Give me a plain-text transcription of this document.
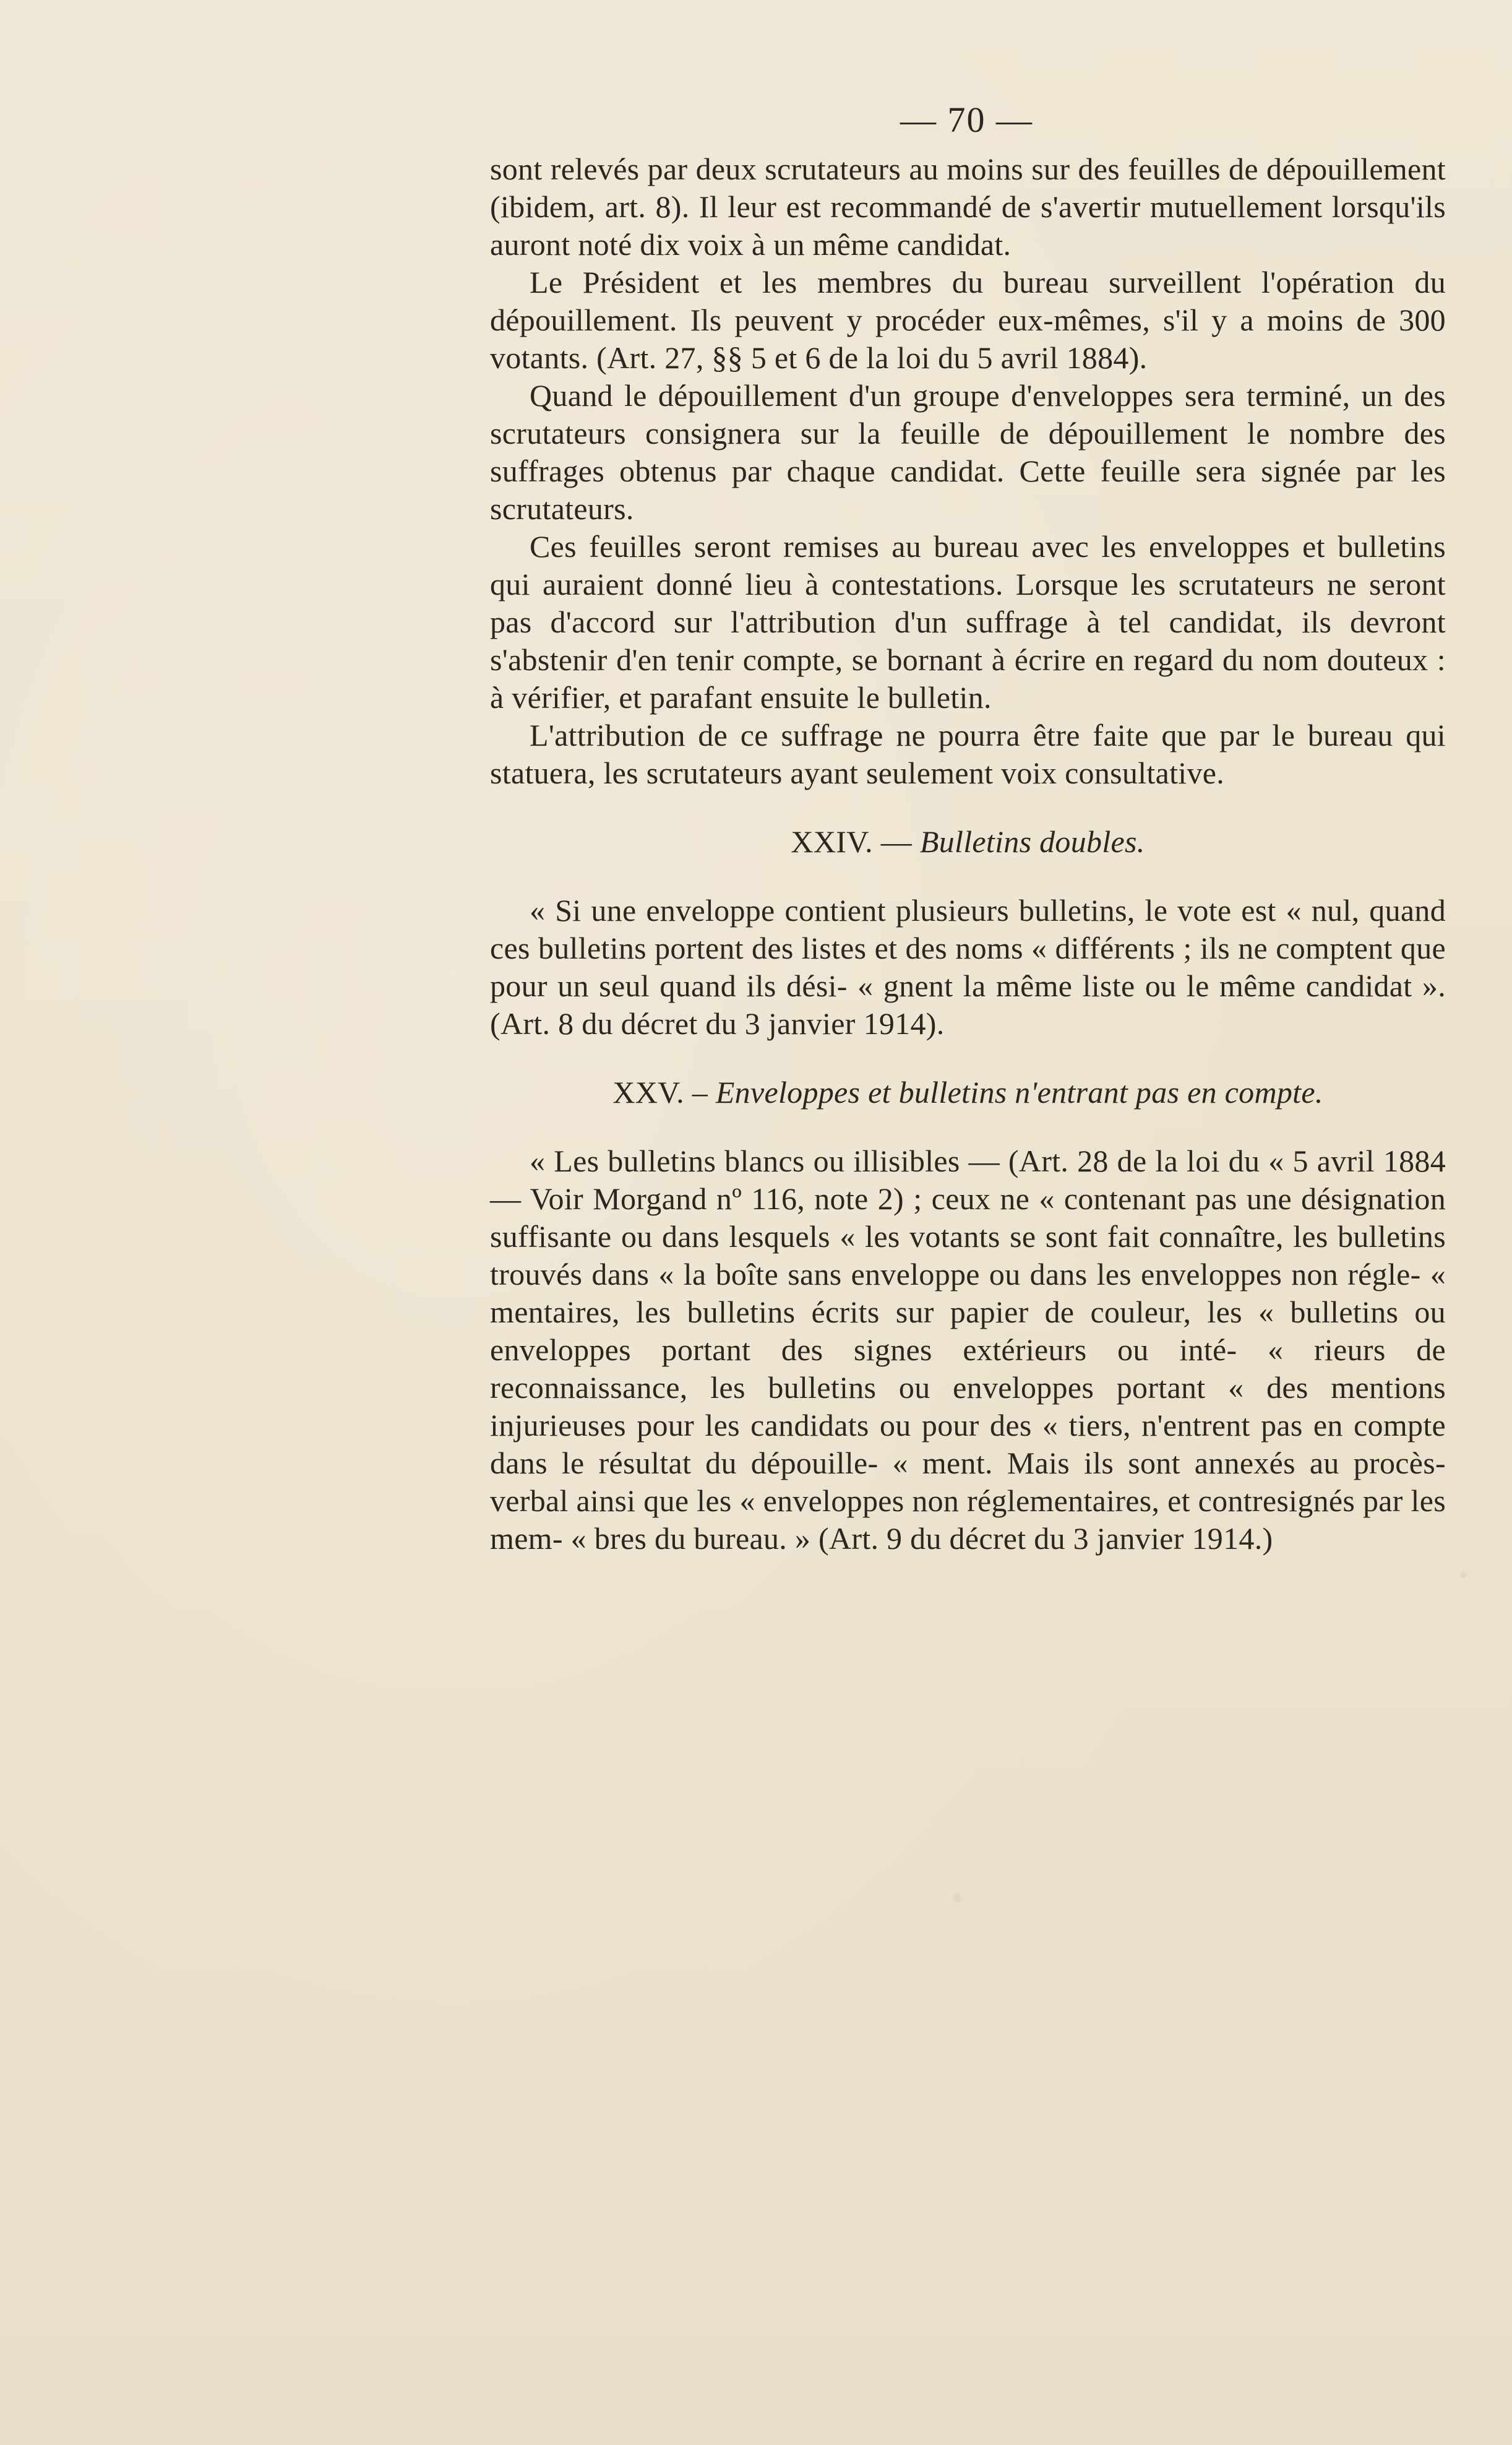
— 70 —

sont relevés par deux scrutateurs au moins sur des feuilles de dépouillement (ibidem, art. 8). Il leur est recommandé de s'avertir mutuellement lorsqu'ils auront noté dix voix à un même candidat.

Le Président et les membres du bureau surveillent l'opération du dépouillement. Ils peuvent y procéder eux-mêmes, s'il y a moins de 300 votants. (Art. 27, §§ 5 et 6 de la loi du 5 avril 1884).

Quand le dépouillement d'un groupe d'enveloppes sera terminé, un des scrutateurs consignera sur la feuille de dépouillement le nombre des suffrages obtenus par chaque candidat. Cette feuille sera signée par les scrutateurs.

Ces feuilles seront remises au bureau avec les enveloppes et bulletins qui auraient donné lieu à contestations. Lorsque les scrutateurs ne seront pas d'accord sur l'attribution d'un suffrage à tel candidat, ils devront s'abstenir d'en tenir compte, se bornant à écrire en regard du nom douteux : à vérifier, et parafant ensuite le bulletin.

L'attribution de ce suffrage ne pourra être faite que par le bureau qui statuera, les scrutateurs ayant seulement voix consultative.

XXIV. — Bulletins doubles.

« Si une enveloppe contient plusieurs bulletins, le vote est « nul, quand ces bulletins portent des listes et des noms « différents ; ils ne comptent que pour un seul quand ils dési- « gnent la même liste ou le même candidat ». (Art. 8 du décret du 3 janvier 1914).

XXV. – Enveloppes et bulletins n'entrant pas en compte.

« Les bulletins blancs ou illisibles — (Art. 28 de la loi du « 5 avril 1884 — Voir Morgand nº 116, note 2) ; ceux ne « contenant pas une désignation suffisante ou dans lesquels « les votants se sont fait connaître, les bulletins trouvés dans « la boîte sans enveloppe ou dans les enveloppes non régle- « mentaires, les bulletins écrits sur papier de couleur, les « bulletins ou enveloppes portant des signes extérieurs ou inté- « rieurs de reconnaissance, les bulletins ou enveloppes portant « des mentions injurieuses pour les candidats ou pour des « tiers, n'entrent pas en compte dans le résultat du dépouille- « ment. Mais ils sont annexés au procès-verbal ainsi que les « enveloppes non réglementaires, et contresignés par les mem- « bres du bureau. » (Art. 9 du décret du 3 janvier 1914.)
